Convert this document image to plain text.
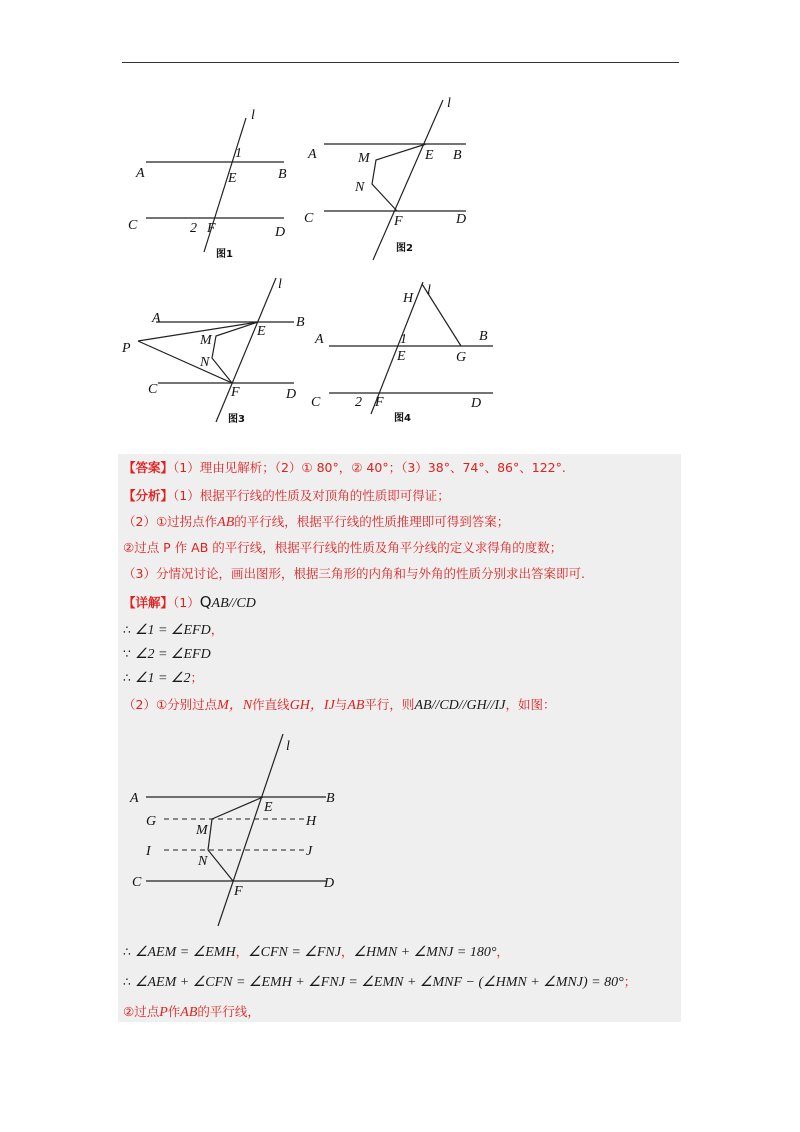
l
1
A	E	B
C	2 F	D
图1
l
A	M	E B
N
C	F	D
图2
l
A
E
B
M
P
N
C	F	D
图3
H
l
A	1	B
E	G
C 2 F	D
图4
【答案】（1）理由见解析；（2）① 80°，② 40°；（3）38°、74°、86°、122°.
【分析】（1）根据平行线的性质及对顶角的性质即可得证；
（2）①过拐点作AB的平行线，根据平行线的性质推理即可得到答案；
②过点 P 作 AB 的平行线，根据平行线的性质及角平分线的定义求得角的度数；
（3）分情况讨论，画出图形，根据三角形的内角和与外角的性质分别求出答案即可.
【详解】（1）QAB//CD
∴ ∠1 = ∠EFD，
∵ ∠2 = ∠EFD
∴ ∠1 = ∠2；
（2）①分别过点M，N作直线GH，IJ与AB平行，则AB//CD//GH//IJ，如图：
l
A	B
E
G
M
H
I	J
N
C
F
D
∴ ∠AEM = ∠EMH，∠CFN = ∠FNJ，∠HMN + ∠MNJ = 180°，
∴ ∠AEM + ∠CFN = ∠EMH + ∠FNJ = ∠EMN + ∠MNF − (∠HMN + ∠MNJ) = 80°；
②过点P作AB的平行线，
